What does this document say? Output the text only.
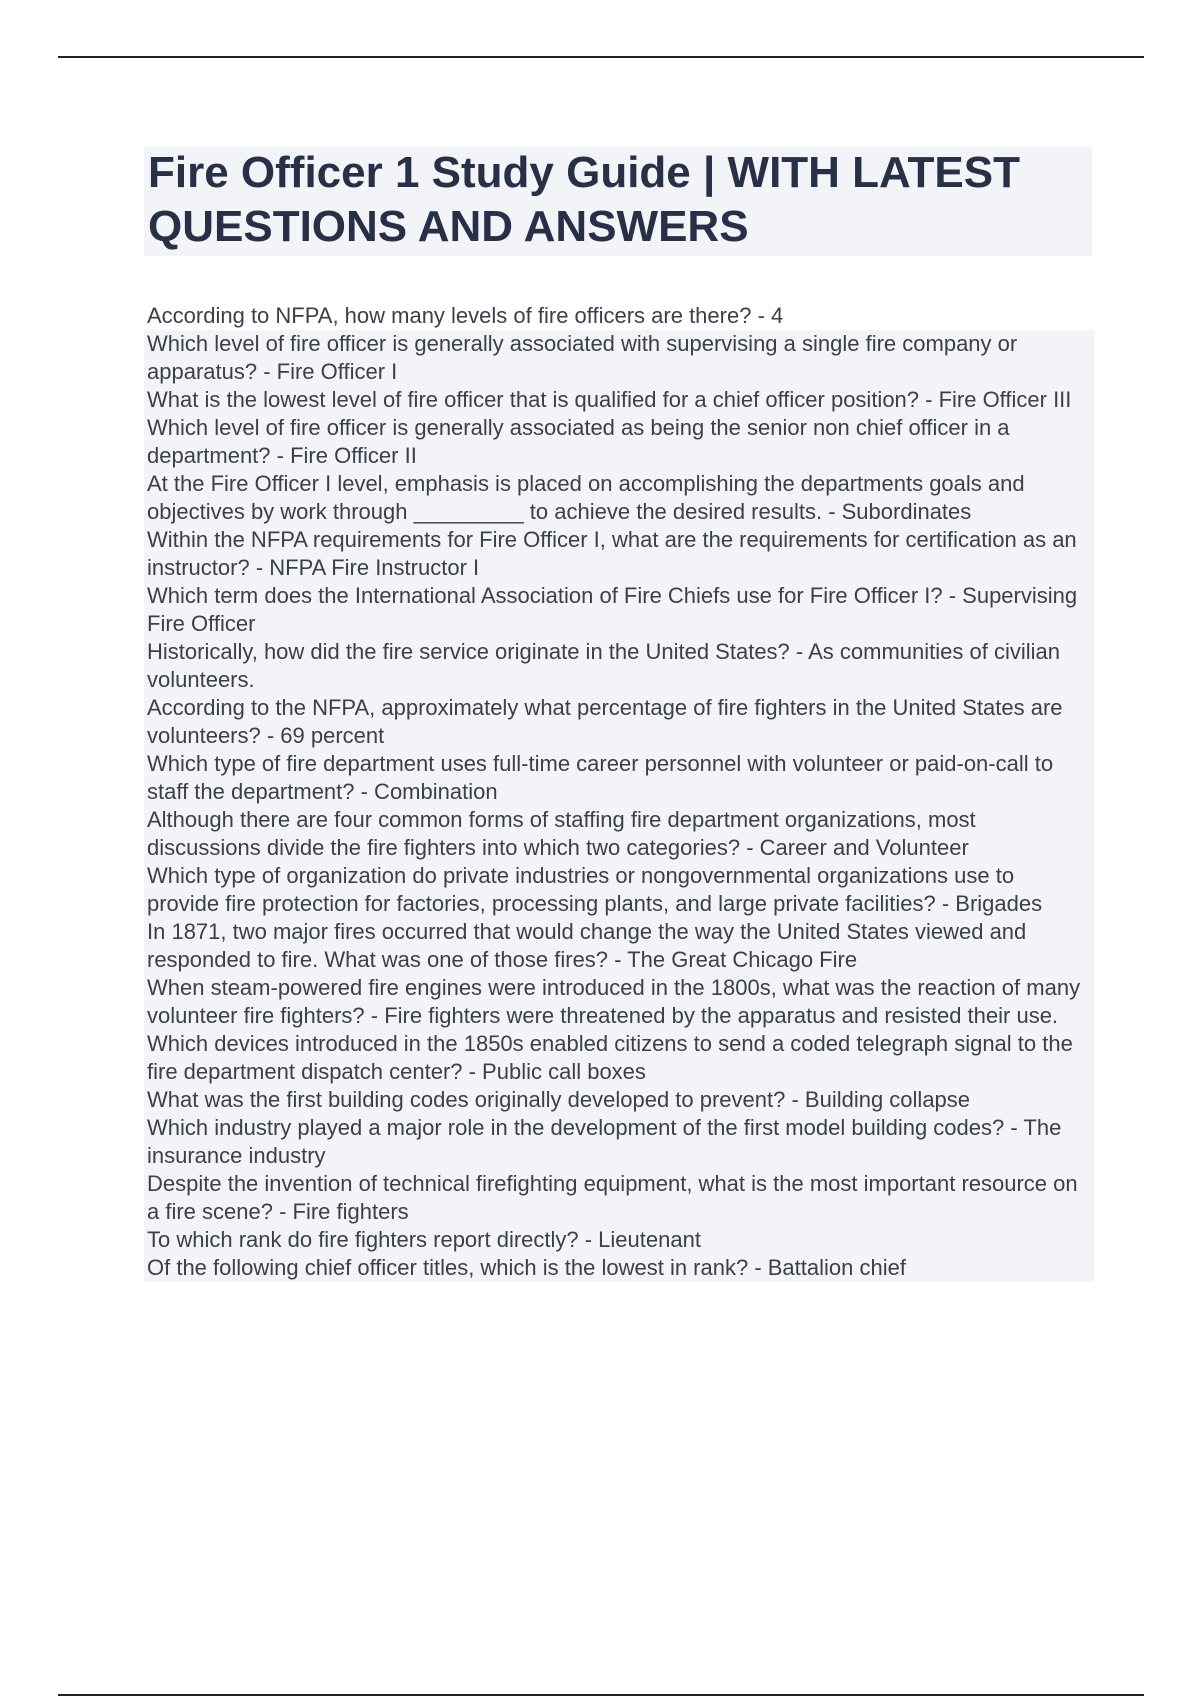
Fire Officer 1 Study Guide | WITH LATEST QUESTIONS AND ANSWERS
According to NFPA, how many levels of fire officers are there? - 4
Which level of fire officer is generally associated with supervising a single fire company or apparatus? - Fire Officer I
What is the lowest level of fire officer that is qualified for a chief officer position? - Fire Officer III
Which level of fire officer is generally associated as being the senior non chief officer in a department? - Fire Officer II
At the Fire Officer I level, emphasis is placed on accomplishing the departments goals and objectives by work through _________ to achieve the desired results. - Subordinates
Within the NFPA requirements for Fire Officer I, what are the requirements for certification as an instructor? - NFPA Fire Instructor I
Which term does the International Association of Fire Chiefs use for Fire Officer I? - Supervising Fire Officer
Historically, how did the fire service originate in the United States? - As communities of civilian volunteers.
According to the NFPA, approximately what percentage of fire fighters in the United States are volunteers? - 69 percent
Which type of fire department uses full-time career personnel with volunteer or paid-on-call to staff the department? - Combination
Although there are four common forms of staffing fire department organizations, most discussions divide the fire fighters into which two categories? - Career and Volunteer
Which type of organization do private industries or nongovernmental organizations use to provide fire protection for factories, processing plants, and large private facilities? - Brigades
In 1871, two major fires occurred that would change the way the United States viewed and responded to fire. What was one of those fires? - The Great Chicago Fire
When steam-powered fire engines were introduced in the 1800s, what was the reaction of many volunteer fire fighters? - Fire fighters were threatened by the apparatus and resisted their use.
Which devices introduced in the 1850s enabled citizens to send a coded telegraph signal to the fire department dispatch center? - Public call boxes
What was the first building codes originally developed to prevent? - Building collapse
Which industry played a major role in the development of the first model building codes? - The insurance industry
Despite the invention of technical firefighting equipment, what is the most important resource on a fire scene? - Fire fighters
To which rank do fire fighters report directly? - Lieutenant
Of the following chief officer titles, which is the lowest in rank? - Battalion chief
